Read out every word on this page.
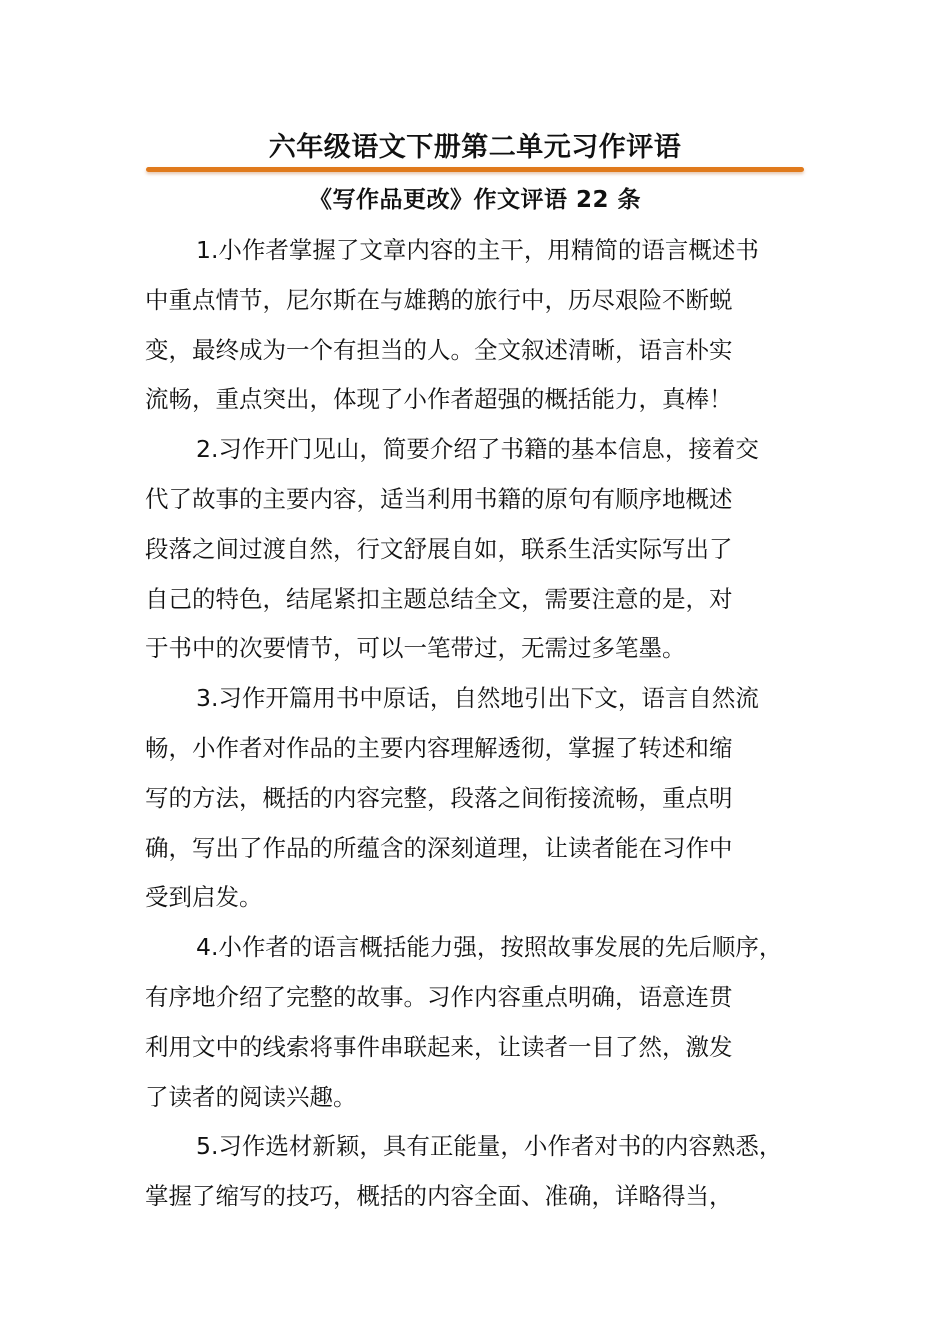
六年级语文下册第二单元习作评语
《写作品更改》作文评语 22 条

1.小作者掌握了文章内容的主干，用精简的语言概述书
中重点情节，尼尔斯在与雄鹅的旅行中，历尽艰险不断蜕
变，最终成为一个有担当的人。全文叙述清晰，语言朴实
流畅，重点突出，体现了小作者超强的概括能力，真棒！

2.习作开门见山，简要介绍了书籍的基本信息，接着交
代了故事的主要内容，适当利用书籍的原句有顺序地概述
段落之间过渡自然，行文舒展自如，联系生活实际写出了
自己的特色，结尾紧扣主题总结全文，需要注意的是，对
于书中的次要情节，可以一笔带过，无需过多笔墨。

3.习作开篇用书中原话，自然地引出下文，语言自然流
畅，小作者对作品的主要内容理解透彻，掌握了转述和缩
写的方法，概括的内容完整，段落之间衔接流畅，重点明
确，写出了作品的所蕴含的深刻道理，让读者能在习作中
受到启发。

4.小作者的语言概括能力强，按照故事发展的先后顺序，
有序地介绍了完整的故事。习作内容重点明确，语意连贯
利用文中的线索将事件串联起来，让读者一目了然，激发
了读者的阅读兴趣。

5.习作选材新颖，具有正能量，小作者对书的内容熟悉，
掌握了缩写的技巧，概括的内容全面、准确，详略得当，
